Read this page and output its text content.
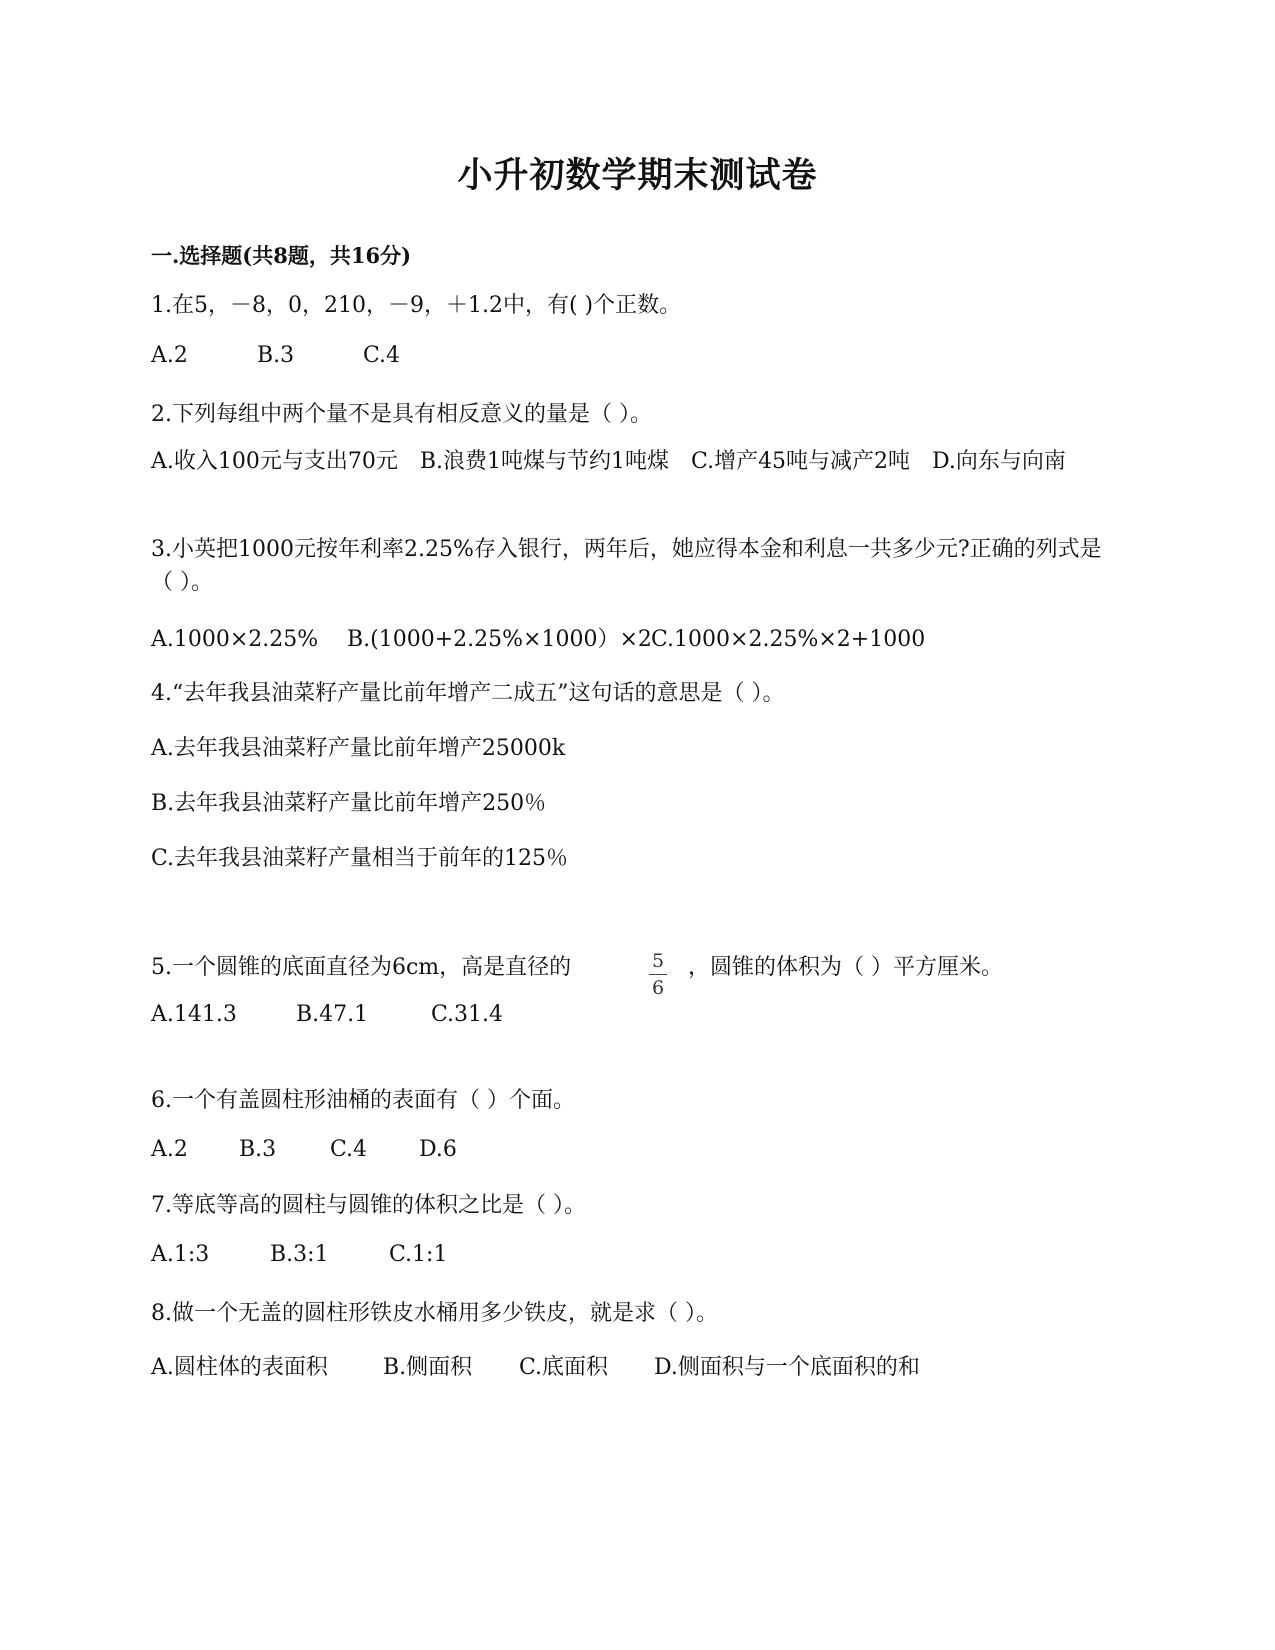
小升初数学期末测试卷
一.选择题(共8题，共16分)
1.在5，－8，0，210，－9，＋1.2中，有( )个正数。
A.2	B.3	C.4
2.下列每组中两个量不是具有相反意义的量是（ ）。
A.收入100元与支出70元　B.浪费1吨煤与节约1吨煤　C.增产45吨与减产2吨　D.向东与向南
3.小英把1000元按年利率2.25%存入银行，两年后，她应得本金和利息一共多少元?正确的列式是（ ）。
A.1000×2.25% B.(1000+2.25%×1000）×2C.1000×2.25%×2+1000
4.“去年我县油菜籽产量比前年增产二成五”这句话的意思是（ ）。
A.去年我县油菜籽产量比前年增产25000k
B.去年我县油菜籽产量比前年增产250％
C.去年我县油菜籽产量相当于前年的125％
5
6
5.一个圆锥的底面直径为6cm，高是直径的	，圆锥的体积为（ ）平方厘米。
A.141.3	B.47.1	C.31.4
6.一个有盖圆柱形油桶的表面有（ ）个面。
A.2 B.3 C.4 D.6
7.等底等高的圆柱与圆锥的体积之比是（ ）。
A.1:3	B.3:1	C.1:1
8.做一个无盖的圆柱形铁皮水桶用多少铁皮，就是求（ ）。
A.圆柱体的表面积	B.侧面积 C.底面积 D.侧面积与一个底面积的和
